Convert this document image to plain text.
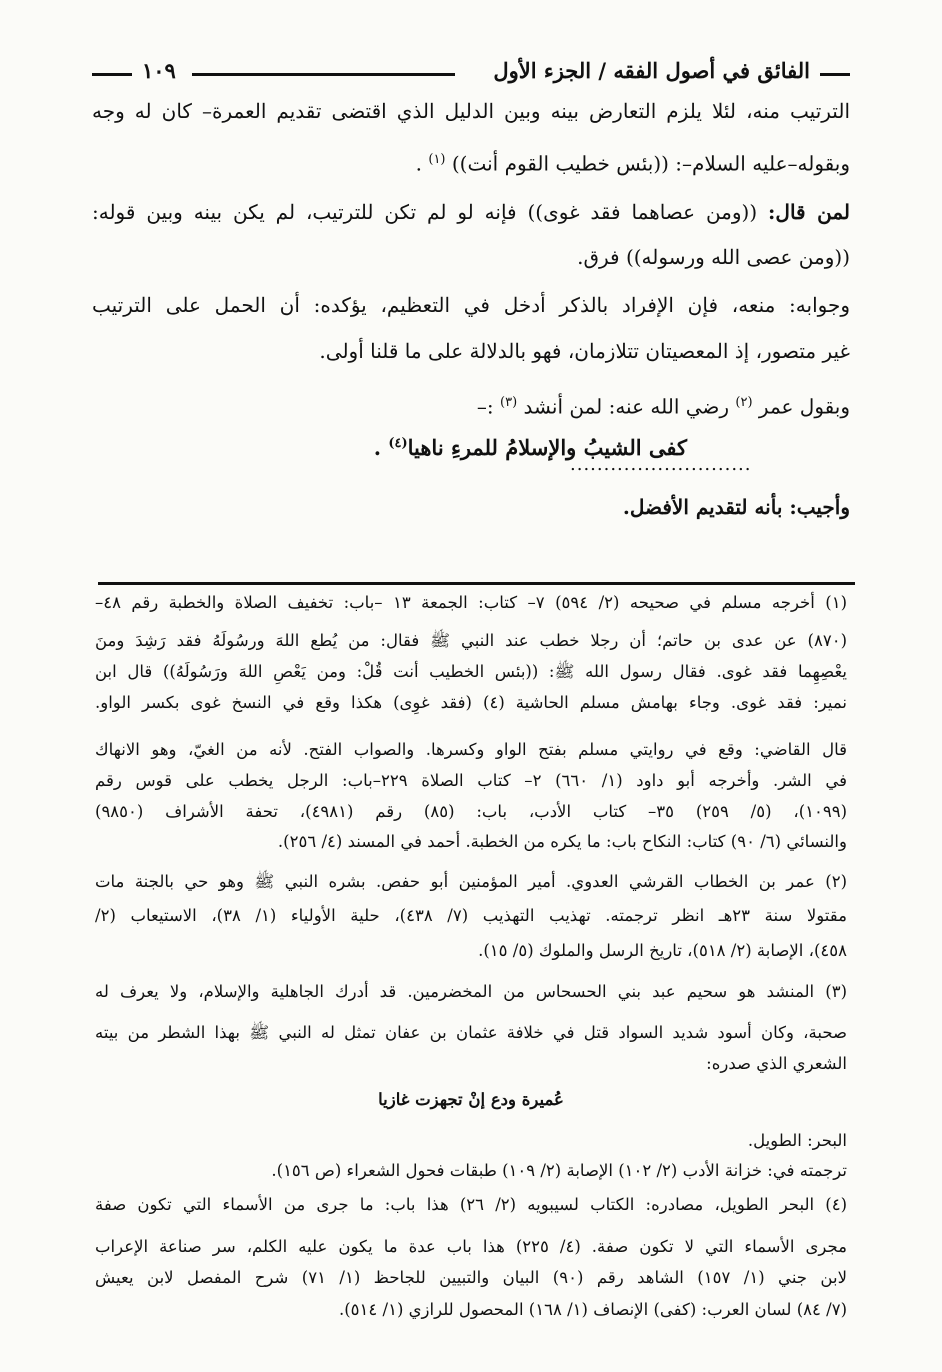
الفائق في أصول الفقه / الجزء الأول
١٠٩
الترتيب منه، لئلا يلزم التعارض بينه وبين الدليل الذي اقتضى تقديم العمرة– كان له وجه
وبقوله–عليه السلام–: ((بئس خطيب القوم أنت)) $^{(١)}$ .
لمن قال: ((ومن عصاهما فقد غوى)) فإنه لو لم تكن للترتيب، لم يكن بينه وبين قوله:
((ومن عصى الله ورسوله)) فرق.
وجوابه: منعه، فإن الإفراد بالذكر أدخل في التعظيم، يؤكده: أن الحمل على الترتيب
غير متصور، إذ المعصيتان تتلازمان، فهو بالدلالة على ما قلنا أولى.
وبقول عمر $^{(٢)}$ رضي الله عنه: لمن أنشد $^{(٣)}$ :–
كفى الشيبُ والإسلامُ للمرءِ ناهيا$^{(٤)}$ .
...........................
وأجيب: بأنه لتقديم الأفضل.
(١) أخرجه مسلم في صحيحه (٢/ ٥٩٤) ٧– كتاب: الجمعة ١٣ –باب: تخفيف الصلاة والخطبة رقم ٤٨–
(٨٧٠) عن عدى بن حاتم؛ أن رجلا خطب عند النبي ﷺ فقال: من يُطع اللهَ ورسُولَهُ فقد رَشِدَ ومنَ
يعْصِهِما فقد غوى. فقال رسول الله ﷺ: ((بئس الخطيب أنت قُلْ: ومن يَعْصِ اللهَ ورَسُولَهُ)) قال ابن
نمير: فقد غوى. وجاء بهامش مسلم الحاشية (٤) (فقد غوِى) هكذا وقع في النسخ غوى بكسر الواو.
قال القاضي: وقع في روايتي مسلم بفتح الواو وكسرها. والصواب الفتح. لأنه من الغيّ، وهو الانهاك
في الشر. وأخرجه أبو داود (١/ ٦٦٠) ٢– كتاب الصلاة ٢٢٩–باب: الرجل يخطب على قوس رقم
(١٠٩٩)، (٥/ ٢٥٩) ٣٥– كتاب الأدب، باب: (٨٥) رقم (٤٩٨١)، تحفة الأشراف (٩٨٥٠)
والنسائي (٦/ ٩٠) كتاب: النكاح باب: ما يكره من الخطبة. أحمد في المسند (٤/ ٢٥٦).
(٢) عمر بن الخطاب القرشي العدوي. أمير المؤمنين أبو حفص. بشره النبي ﷺ وهو حي بالجنة مات
مقتولا سنة ٢٣هـ انظر ترجمته. تهذيب التهذيب (٧/ ٤٣٨)، حلية الأولياء (١/ ٣٨)، الاستيعاب (٢/
٤٥٨)، الإصابة (٢/ ٥١٨)، تاريخ الرسل والملوك (٥/ ١٥).
(٣) المنشد هو سحيم عبد بني الحسحاس من المخضرمين. قد أدرك الجاهلية والإسلام، ولا يعرف له
صحبة، وكان أسود شديد السواد قتل في خلافة عثمان بن عفان تمثل له النبي ﷺ بهذا الشطر من بيته
الشعري الذي صدره:
عُميرة ودع إنْ تجهزت غازيا
البحر: الطويل.
ترجمته في: خزانة الأدب (٢/ ١٠٢) الإصابة (٢/ ١٠٩) طبقات فحول الشعراء (ص ١٥٦).
(٤) البحر الطويل، مصادره: الكتاب لسيبويه (٢/ ٢٦) هذا باب: ما جرى من الأسماء التي تكون صفة
مجرى الأسماء التي لا تكون صفة. (٤/ ٢٢٥) هذا باب عدة ما يكون عليه الكلم، سر صناعة الإعراب
لابن جني (١/ ١٥٧) الشاهد رقم (٩٠) البيان والتبيين للجاحظ (١/ ٧١) شرح المفصل لابن يعيش
(٧/ ٨٤) لسان العرب: (كفى) الإنصاف (١/ ١٦٨) المحصول للرازي (١/ ٥١٤).
